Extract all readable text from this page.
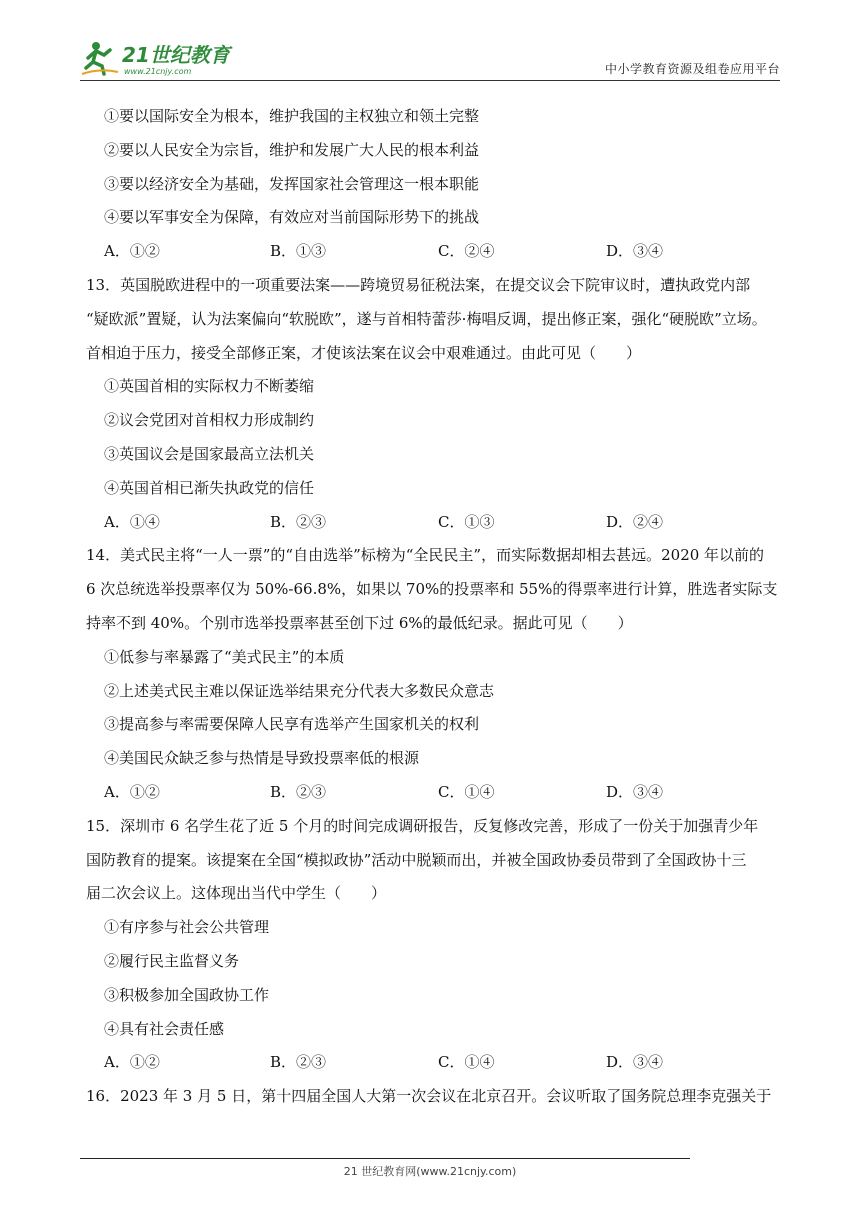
21世纪教育
www.21cnjy.com	中小学教育资源及组卷应用平台
①要以国际安全为根本，维护我国的主权独立和领土完整
②要以人民安全为宗旨，维护和发展广大人民的根本利益
③要以经济安全为基础，发挥国家社会管理这一根本职能
④要以军事安全为保障，有效应对当前国际形势下的挑战
A．①②	B．①③	C．②④	D．③④
13．英国脱欧进程中的一项重要法案——跨境贸易征税法案，在提交议会下院审议时，遭执政党内部
“疑欧派”置疑，认为法案偏向“软脱欧”，遂与首相特蕾莎·梅唱反调，提出修正案，强化“硬脱欧”立场。
首相迫于压力，接受全部修正案，才使该法案在议会中艰难通过。由此可见（　　）
①英国首相的实际权力不断萎缩
②议会党团对首相权力形成制约
③英国议会是国家最高立法机关
④英国首相已渐失执政党的信任
A．①④	B．②③	C．①③	D．②④
14．美式民主将“一人一票”的“自由选举”标榜为“全民民主”，而实际数据却相去甚远。2020 年以前的
6 次总统选举投票率仅为 50%-66.8%，如果以 70%的投票率和 55%的得票率进行计算，胜选者实际支
持率不到 40%。个别市选举投票率甚至创下过 6%的最低纪录。据此可见（　　）
①低参与率暴露了“美式民主”的本质
②上述美式民主难以保证选举结果充分代表大多数民众意志
③提高参与率需要保障人民享有选举产生国家机关的权利
④美国民众缺乏参与热情是导致投票率低的根源
A．①②	B．②③	C．①④	D．③④
15．深圳市 6 名学生花了近 5 个月的时间完成调研报告，反复修改完善，形成了一份关于加强青少年
国防教育的提案。该提案在全国“模拟政协”活动中脱颖而出，并被全国政协委员带到了全国政协十三
届二次会议上。这体现出当代中学生（　　）
①有序参与社会公共管理
②履行民主监督义务
③积极参加全国政协工作
④具有社会责任感
A．①②	B．②③	C．①④	D．③④
16．2023 年 3 月 5 日，第十四届全国人大第一次会议在北京召开。会议听取了国务院总理李克强关于
21 世纪教育网(www.21cnjy.com)
